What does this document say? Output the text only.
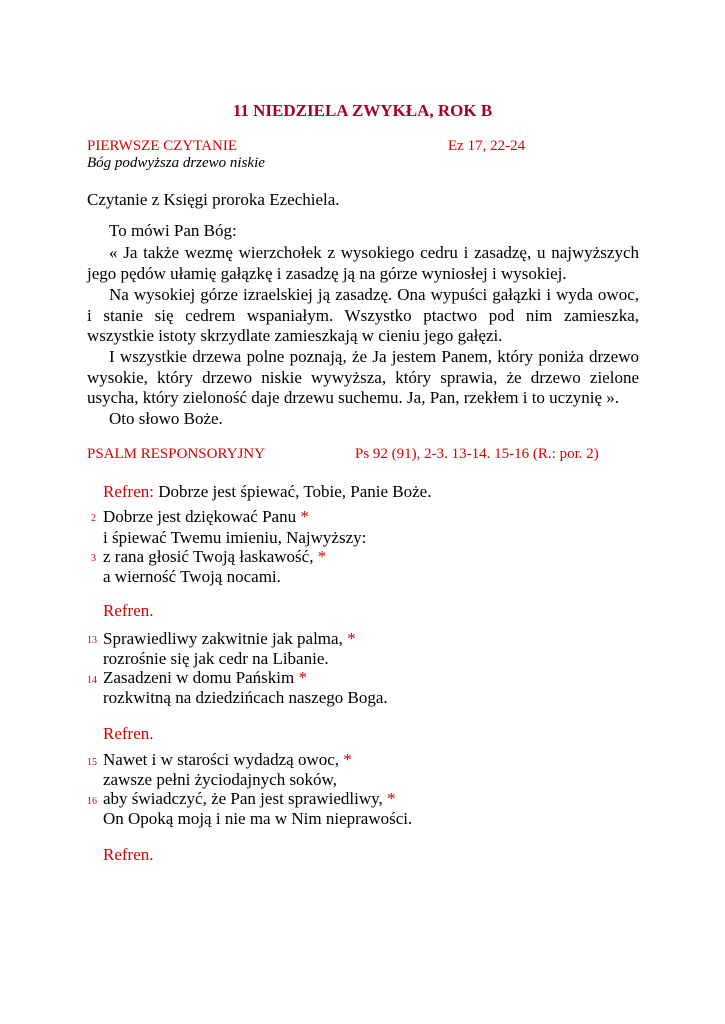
11 NIEDZIELA ZWYKŁA, ROK B
PIERWSZE CZYTANIE	Ez 17, 22-24
Bóg podwyższa drzewo niskie
Czytanie z Księgi proroka Ezechiela.
To mówi Pan Bóg:
« Ja także wezmę wierzchołek z wysokiego cedru i zasadzę, u najwyższych jego pędów ułamię gałązkę i zasadzę ją na górze wyniosłej i wysokiej.
Na wysokiej górze izraelskiej ją zasadzę. Ona wypuści gałązki i wyda owoc, i stanie się cedrem wspaniałym. Wszystko ptactwo pod nim zamieszka, wszystkie istoty skrzydlate zamieszkają w cieniu jego gałęzi.
I wszystkie drzewa polne poznają, że Ja jestem Panem, który poniża drzewo wysokie, który drzewo niskie wywyższa, który sprawia, że drzewo zielone usycha, który zieloność daje drzewu suchemu. Ja, Pan, rzekłem i to uczynię ».
Oto słowo Boże.
PSALM RESPONSORYJNY	Ps 92 (91), 2-3. 13-14. 15-16 (R.: por. 2)
Refren: Dobrze jest śpiewać, Tobie, Panie Boże.
2 Dobrze jest dziękować Panu *
i śpiewać Twemu imieniu, Najwyższy:
3 z rana głosić Twoją łaskawość, *
a wierność Twoją nocami.
Refren.
13 Sprawiedliwy zakwitnie jak palma, *
rozrośnie się jak cedr na Libanie.
14 Zasadzeni w domu Pańskim *
rozkwitną na dziedzińcach naszego Boga.
Refren.
15 Nawet i w starości wydadzą owoc, *
zawsze pełni życiodajnych soków,
16 aby świadczyć, że Pan jest sprawiedliwy, *
On Opoką moją i nie ma w Nim nieprawości.
Refren.
